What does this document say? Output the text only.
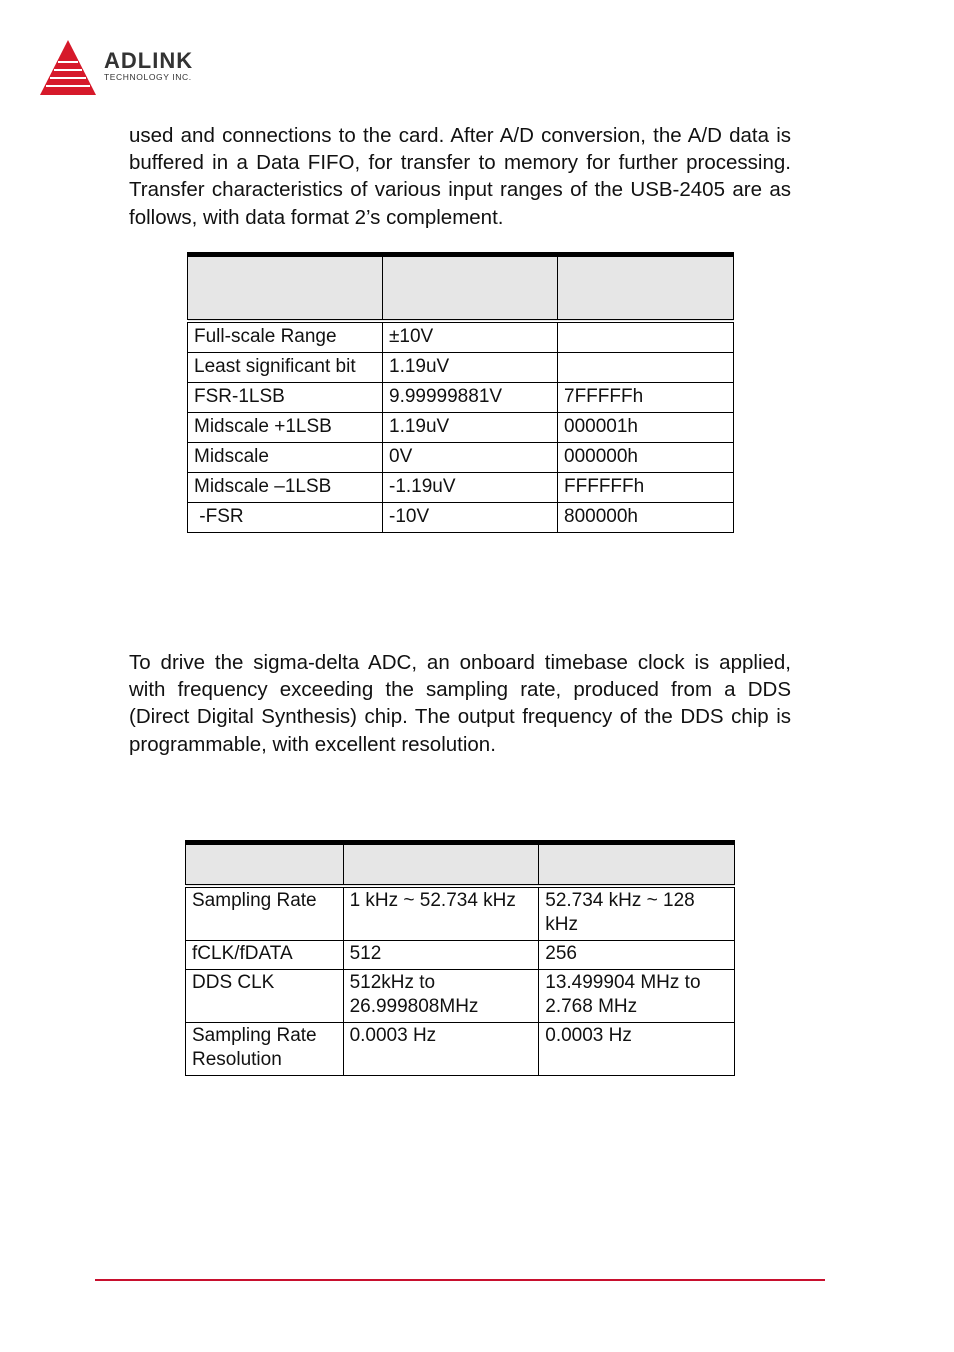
ADLINK
TECHNOLOGY INC.

used and connections to the card. After A/D conversion, the A/D data is buffered in a Data FIFO, for transfer to memory for further processing. Transfer characteristics of various input ranges of the USB-2405 are as follows, with data format 2’s complement.

Full-scale Range	±10V	
Least significant bit	1.19uV	
FSR-1LSB	9.99999881V	7FFFFFh
Midscale +1LSB	1.19uV	000001h
Midscale	0V	000000h
Midscale –1LSB	-1.19uV	FFFFFFh
-FSR	-10V	800000h

To drive the sigma-delta ADC, an onboard timebase clock is applied, with frequency exceeding the sampling rate, produced from a DDS (Direct Digital Synthesis) chip. The output frequency of the DDS chip is programmable, with excellent resolution.

Sampling Rate	1 kHz ~ 52.734 kHz	52.734 kHz ~ 128 kHz
fCLK/fDATA	512	256
DDS CLK	512kHz to 26.999808MHz	13.499904 MHz to 2.768 MHz
Sampling Rate Resolution	0.0003 Hz	0.0003 Hz
